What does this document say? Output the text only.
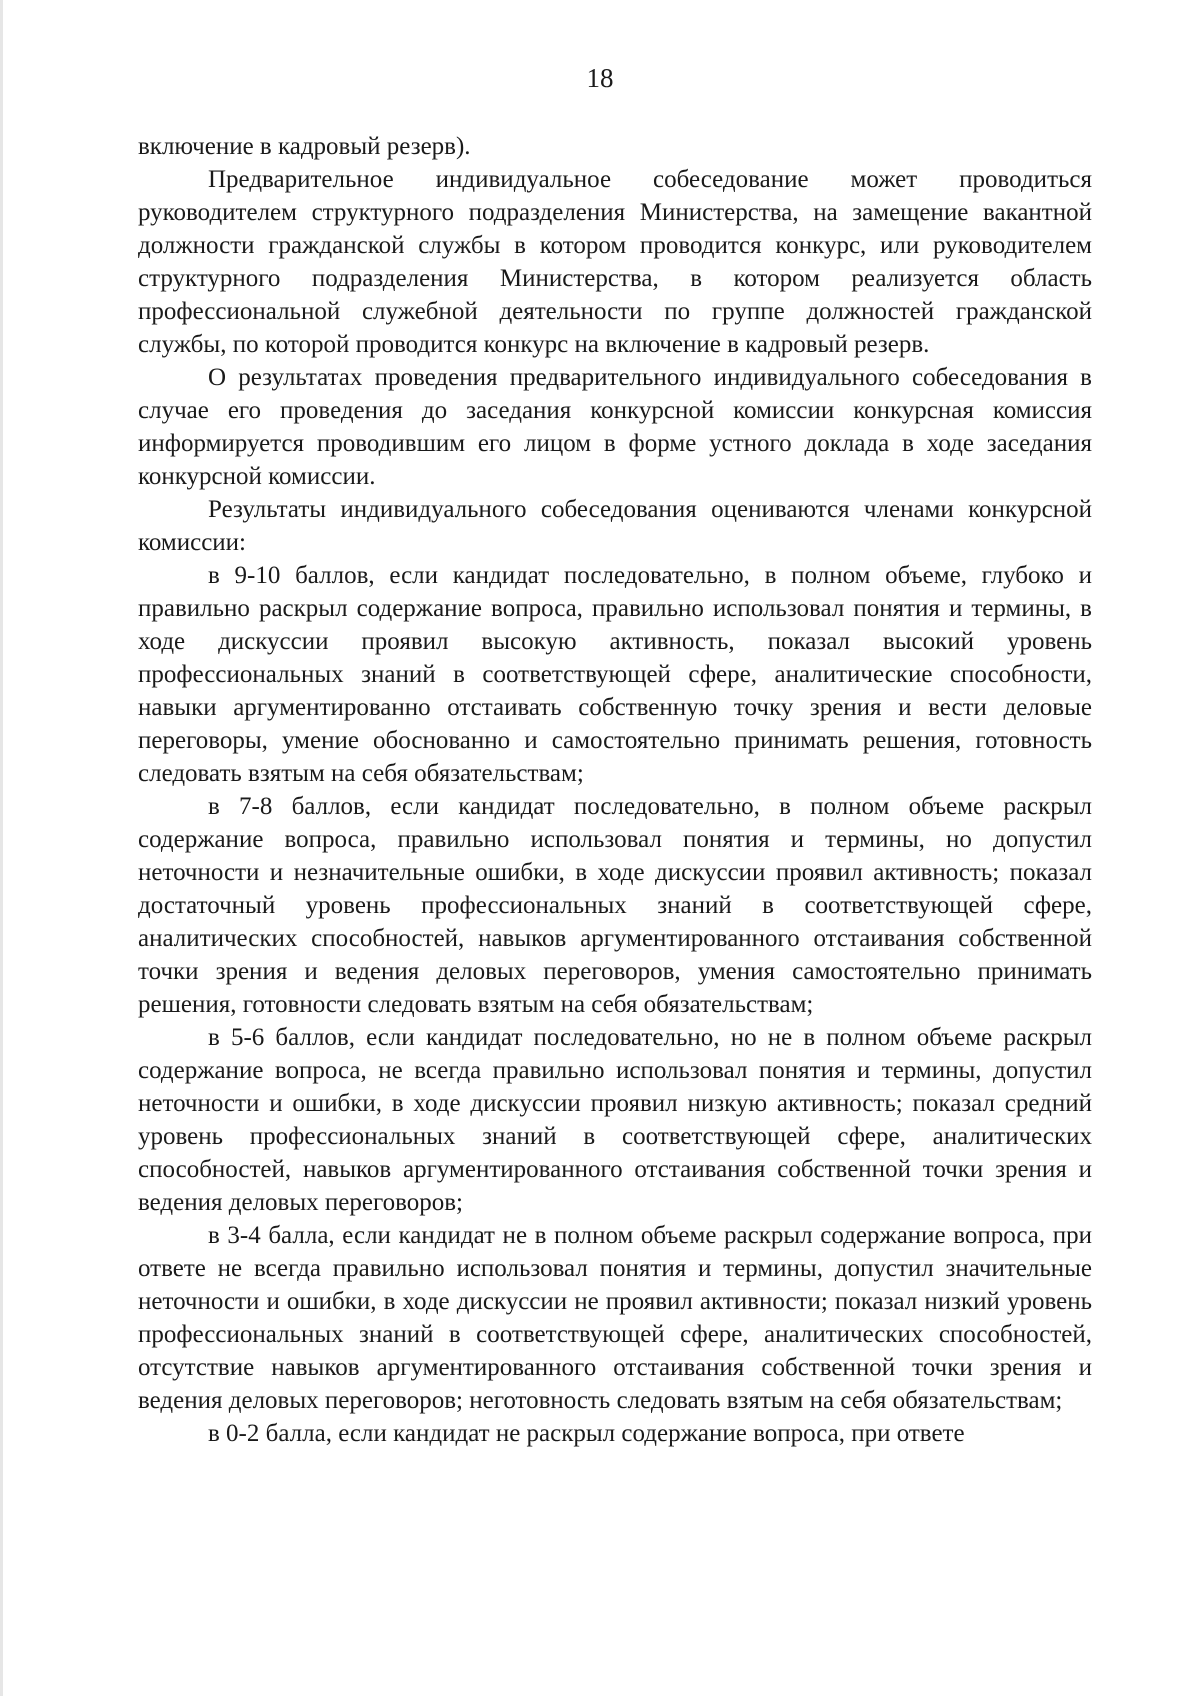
18

включение в кадровый резерв).

Предварительное индивидуальное собеседование может проводиться руководителем структурного подразделения Министерства, на замещение вакантной должности гражданской службы в котором проводится конкурс, или руководителем структурного подразделения Министерства, в котором реализуется область профессиональной служебной деятельности по группе должностей гражданской службы, по которой проводится конкурс на включение в кадровый резерв.

О результатах проведения предварительного индивидуального собеседования в случае его проведения до заседания конкурсной комиссии конкурсная комиссия информируется проводившим его лицом в форме устного доклада в ходе заседания конкурсной комиссии.

Результаты индивидуального собеседования оцениваются членами конкурсной комиссии:

в 9-10 баллов, если кандидат последовательно, в полном объеме, глубоко и правильно раскрыл содержание вопроса, правильно использовал понятия и термины, в ходе дискуссии проявил высокую активность, показал высокий уровень профессиональных знаний в соответствующей сфере, аналитические способности, навыки аргументированно отстаивать собственную точку зрения и вести деловые переговоры, умение обоснованно и самостоятельно принимать решения, готовность следовать взятым на себя обязательствам;

в 7-8 баллов, если кандидат последовательно, в полном объеме раскрыл содержание вопроса, правильно использовал понятия и термины, но допустил неточности и незначительные ошибки, в ходе дискуссии проявил активность; показал достаточный уровень профессиональных знаний в соответствующей сфере, аналитических способностей, навыков аргументированного отстаивания собственной точки зрения и ведения деловых переговоров, умения самостоятельно принимать решения, готовности следовать взятым на себя обязательствам;

в 5-6 баллов, если кандидат последовательно, но не в полном объеме раскрыл содержание вопроса, не всегда правильно использовал понятия и термины, допустил неточности и ошибки, в ходе дискуссии проявил низкую активность; показал средний уровень профессиональных знаний в соответствующей сфере, аналитических способностей, навыков аргументированного отстаивания собственной точки зрения и ведения деловых переговоров;

в 3-4 балла, если кандидат не в полном объеме раскрыл содержание вопроса, при ответе не всегда правильно использовал понятия и термины, допустил значительные неточности и ошибки, в ходе дискуссии не проявил активности; показал низкий уровень профессиональных знаний в соответствующей сфере, аналитических способностей, отсутствие навыков аргументированного отстаивания собственной точки зрения и ведения деловых переговоров; неготовность следовать взятым на себя обязательствам;

в 0-2 балла, если кандидат не раскрыл содержание вопроса, при ответе
